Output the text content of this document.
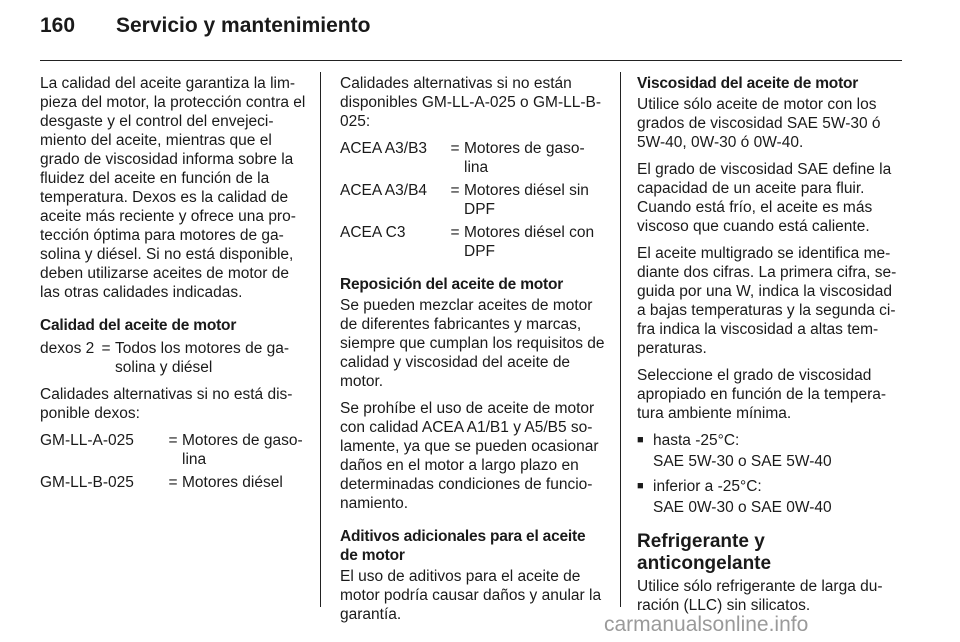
160 Servicio y mantenimiento

La calidad del aceite garantiza la lim-pieza del motor, la protección contra el desgaste y el control del envejeci-miento del aceite, mientras que el grado de viscosidad informa sobre la fluidez del aceite en función de la temperatura. Dexos es la calidad de aceite más reciente y ofrece una pro-tección óptima para motores de ga-solina y diésel. Si no está disponible, deben utilizarse aceites de motor de las otras calidades indicadas.

Calidad del aceite de motor
dexos 2 = Todos los motores de ga-solina y diésel

Calidades alternativas si no está dis-ponible dexos:

GM-LL-A-025	= Motores de gaso-lina
GM-LL-B-025	= Motores diésel

Calidades alternativas si no están disponibles GM-LL-A-025 o GM-LL-B-025:

ACEA A3/B3	= Motores de gaso-lina
ACEA A3/B4	= Motores diésel sin DPF
ACEA C3	= Motores diésel con DPF
Reposición del aceite de motor

Se pueden mezclar aceites de motor de diferentes fabricantes y marcas, siempre que cumplan los requisitos de calidad y viscosidad del aceite de motor.

Se prohíbe el uso de aceite de motor con calidad ACEA A1/B1 y A5/B5 so-lamente, ya que se pueden ocasionar daños en el motor a largo plazo en determinadas condiciones de funcio-namiento.

Aditivos adicionales para el aceite de motor

El uso de aditivos para el aceite de motor podría causar daños y anular la garantía.

Viscosidad del aceite de motor

Utilice sólo aceite de motor con los grados de viscosidad SAE 5W-30 ó 5W-40, 0W-30 ó 0W-40.

El grado de viscosidad SAE define la capacidad de un aceite para fluir. Cuando está frío, el aceite es más viscoso que cuando está caliente.

El aceite multigrado se identifica me-diante dos cifras. La primera cifra, se-guida por una W, indica la viscosidad a bajas temperaturas y la segunda ci-fra indica la viscosidad a altas tem-peraturas.

Seleccione el grado de viscosidad apropiado en función de la tempera-tura ambiente mínima.

■ hasta -25°C:
SAE 5W-30 o SAE 5W-40
■ inferior a -25°C:
SAE 0W-30 o SAE 0W-40
Refrigerante y anticongelante

Utilice sólo refrigerante de larga du-ración (LLC) sin silicatos.

carmanualsonline.info
